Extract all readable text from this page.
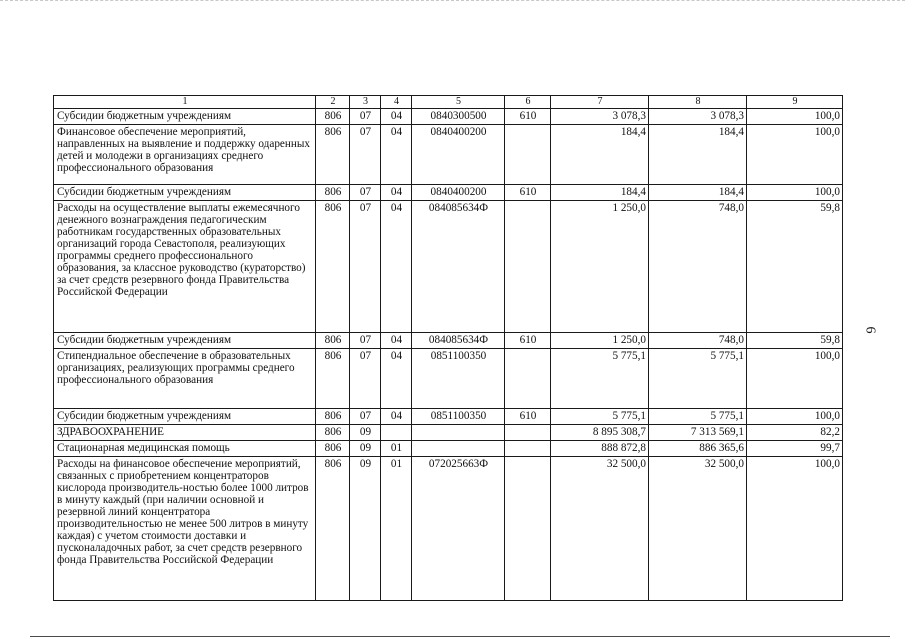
1	2	3	4	5	6	7	8	9
Субсидии бюджетным учреждениям	806	07	04	0840300500	610	3 078,3	3 078,3	100,0
Финансовое обеспечение мероприятий, направленных на выявление и поддержку одаренных детей и молодежи в организациях среднего профессионального образования	806	07	04	0840400200		184,4	184,4	100,0
Субсидии бюджетным учреждениям	806	07	04	0840400200	610	184,4	184,4	100,0
Расходы на осуществление выплаты ежемесячного денежного вознаграждения педагогическим работникам государственных образовательных организаций города Севастополя, реализующих программы среднего профессионального образования, за классное руководство (кураторство) за счет средств резервного фонда Правительства Российской Федерации	806	07	04	084085634Ф		1 250,0	748,0	59,8
Субсидии бюджетным учреждениям	806	07	04	084085634Ф	610	1 250,0	748,0	59,8
Стипендиальное обеспечение в образовательных организациях, реализующих программы среднего профессионального образования	806	07	04	0851100350		5 775,1	5 775,1	100,0
Субсидии бюджетным учреждениям	806	07	04	0851100350	610	5 775,1	5 775,1	100,0
ЗДРАВООХРАНЕНИЕ	806	09				8 895 308,7	7 313 569,1	82,2
Стационарная медицинская помощь	806	09	01			888 872,8	886 365,6	99,7
Расходы на финансовое обеспечение мероприятий, связанных с приобретением концентраторов кислорода производитель-ностью более 1000 литров в минуту каждый (при наличии основной и резервной линий концентратора производительностью не менее 500 литров в минуту каждая) с учетом стоимости доставки и пусконаладочных работ, за счет средств резервного фонда Правительства Российской Федерации	806	09	01	072025663Ф		32 500,0	32 500,0	100,0
6
